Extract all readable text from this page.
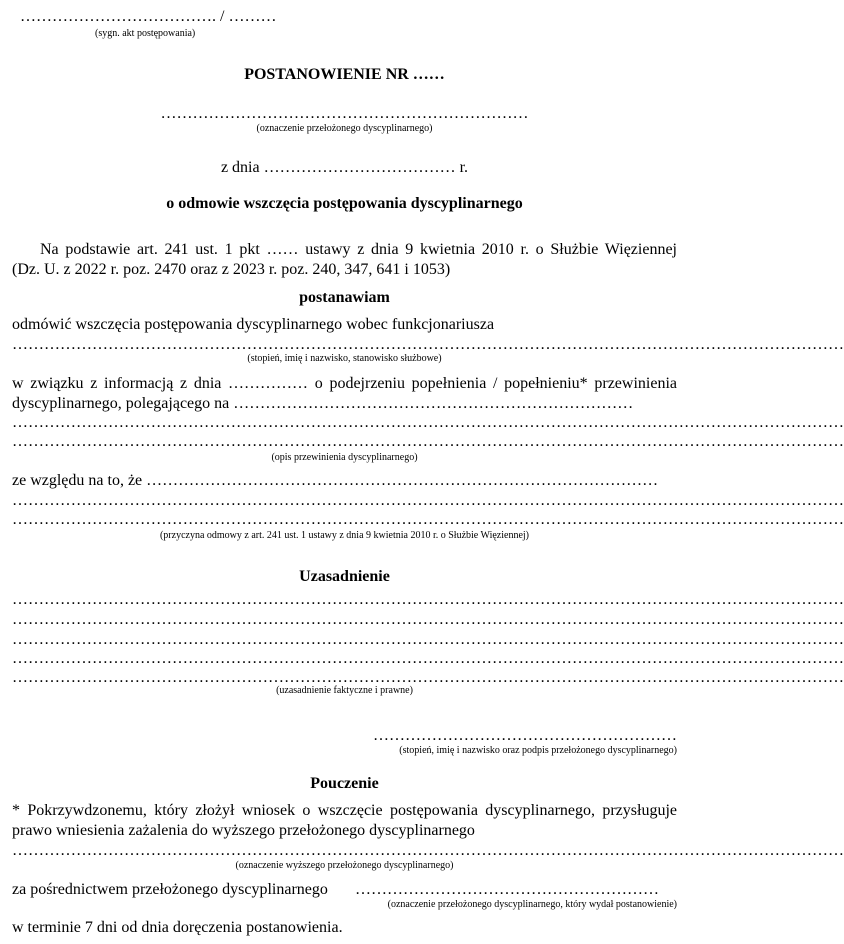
………………………………. / ………
(sygn. akt postępowania)
POSTANOWIENIE NR ……
……………………………………………………………
(oznaczenie przełożonego dyscyplinarnego)
z dnia ……………………………… r.
o odmowie wszczęcia postępowania dyscyplinarnego
Na podstawie art. 241 ust. 1 pkt …… ustawy z dnia 9 kwietnia 2010 r. o Służbie Więziennej
(Dz. U. z 2022 r. poz. 2470 oraz z 2023 r. poz. 240, 347, 641 i 1053)
postanawiam
odmówić wszczęcia postępowania dyscyplinarnego wobec funkcjonariusza
…………………………………………………………………………………………………………………………………………
(stopień, imię i nazwisko, stanowisko służbowe)
w związku z informacją z dnia …………… o podejrzeniu popełnienia / popełnieniu* przewinienia
dyscyplinarnego, polegającego na …………………………………………………………………
…………………………………………………………………………………………………………………………………………
…………………………………………………………………………………………………………………………………………
(opis przewinienia dyscyplinarnego)
ze względu na to, że ……………………………………………………………………………………
…………………………………………………………………………………………………………………………………………
…………………………………………………………………………………………………………………………………………
(przyczyna odmowy z art. 241 ust. 1 ustawy z dnia 9 kwietnia 2010 r. o Służbie Więziennej)
Uzasadnienie
…………………………………………………………………………………………………………………………………………
…………………………………………………………………………………………………………………………………………
…………………………………………………………………………………………………………………………………………
…………………………………………………………………………………………………………………………………………
…………………………………………………………………………………………………………………………………………
(uzasadnienie faktyczne i prawne)
…………………………………………………
(stopień, imię i nazwisko oraz podpis przełożonego dyscyplinarnego)
Pouczenie
* Pokrzywdzonemu, który złożył wniosek o wszczęcie postępowania dyscyplinarnego, przysługuje
prawo wniesienia zażalenia do wyższego przełożonego dyscyplinarnego
…………………………………………………………………………………………………………………………………………
(oznaczenie wyższego przełożonego dyscyplinarnego)
za pośrednictwem przełożonego dyscyplinarnego …………………………………………………
(oznaczenie przełożonego dyscyplinarnego, który wydał postanowienie)
w terminie 7 dni od dnia doręczenia postanowienia.
